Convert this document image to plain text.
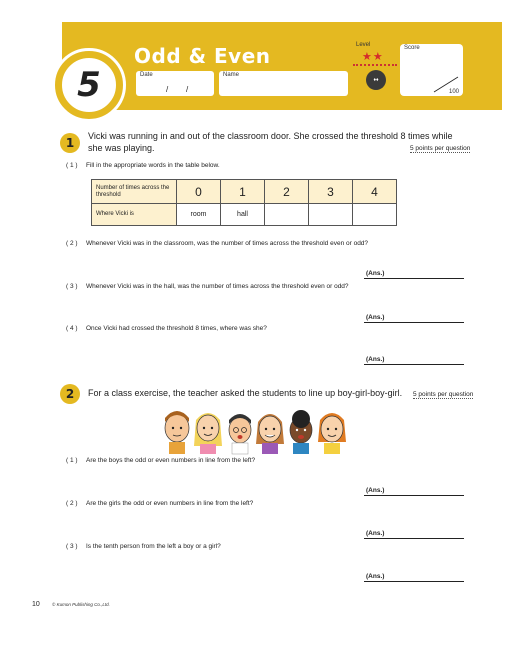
5
Odd & Even
Date
/        /
Name
Level
★★
♦♦
Score
100
1	Vicki was running in and out of the classroom door. She crossed the threshold 8 times while she was playing.	5 points per question
( 1 ) Fill in the appropriate words in the table below.
Number of times across the threshold	0	1	2	3	4
Where Vicki is	room	hall			
( 2 ) Whenever Vicki was in the classroom, was the number of times across the threshold even or odd?
(Ans.)
( 3 ) Whenever Vicki was in the hall, was the number of times across the threshold even or odd?
(Ans.)
( 4 ) Once Vicki had crossed the threshold 8 times, where was she?
(Ans.)
2	For a class exercise, the teacher asked the students to line up boy-girl-boy-girl. 5 points per question
( 1 ) Are the boys the odd or even numbers in line from the left?
(Ans.)
( 2 ) Are the girls the odd or even numbers in line from the left?
(Ans.)
( 3 ) Is the tenth person from the left a boy or a girl?
(Ans.)
10	© Kumon Publishing Co.,Ltd.
